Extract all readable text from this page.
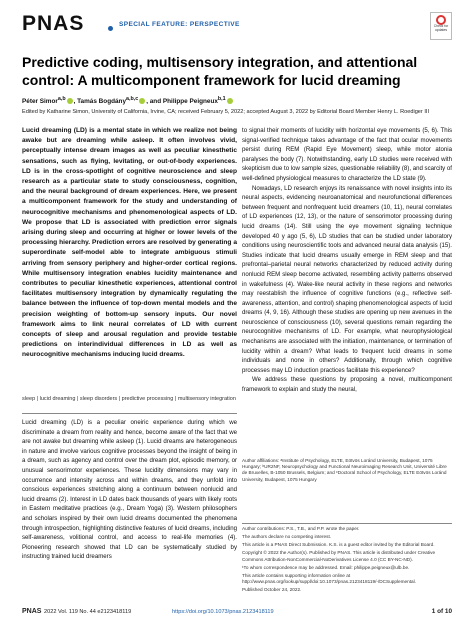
PNAS	SPECIAL FEATURE: PERSPECTIVE	Check for
updates
Predictive coding, multisensory integration, and attentional control: A multicomponent framework for lucid dreaming
Péter Simor$^{a,b}$ , Tamás Bogdány$^{a,b,c}$ , and Philippe Peigneux$^{b,1}$
Edited by Katharine Simon, University of California, Irvine, CA; received February 5, 2022; accepted August 3, 2022 by Editorial Board Member Henry L. Roediger III
Lucid dreaming (LD) is a mental state in which we realize not being awake but are dreaming while asleep. It often involves vivid, perceptually intense dream images as well as peculiar kinesthetic sensations, such as flying, levitating, or out-of-body experiences. LD is in the cross-spotlight of cognitive neuroscience and sleep research as a particular state to study consciousness, cognition, and the neural background of dream experiences. Here, we present a multicomponent framework for the study and understanding of neurocognitive mechanisms and phenomenological aspects of LD. We propose that LD is associated with prediction error signals arising during sleep and occurring at higher or lower levels of the processing hierarchy. Prediction errors are resolved by generating a superordinate self-model able to integrate ambiguous stimuli arriving from sensory periphery and higher-order cortical regions. While multisensory integration enables lucidity maintenance and contributes to peculiar kinesthetic experiences, attentional control facilitates multisensory integration by dynamically regulating the balance between the influence of top-down mental models and the precision weighting of bottom-up sensory inputs. Our novel framework aims to link neural correlates of LD with current concepts of sleep and arousal regulation and provide testable predictions on interindividual differences in LD as well as neurocognitive mechanisms inducing lucid dreams.
sleep | lucid dreaming | sleep disorders | predictive processing | multisensory integration
Lucid dreaming (LD) is a peculiar oneiric experience during which we discriminate a dream from reality and hence, become aware of the fact that we are not awake but dreaming while asleep (1). Lucid dreams are heterogeneous in nature and involve various cognitive processes beyond the insight of being in a dream, such as agency and control over the dream plot, episodic memory, or unusual sensorimotor experiences. These lucidity dimensions may vary in occurrence and intensity across and within dreams, and they unfold into conscious experiences stretching along a continuum between nonlucid and lucid dreams (2). Interest in LD dates back thousands of years with likely roots in Eastern meditative practices (e.g., Dream Yoga) (3). Western philosophers and scholars inspired by their own lucid dreams documented the phenomena through introspection, highlighting distinctive features of lucid dreams, including self-awareness, volitional control, and access to real-life memories (4). Pioneering research showed that LD can be systematically studied by instructing trained lucid dreamers

to signal their moments of lucidity with horizontal eye movements (5, 6). This signal-verified technique takes advantage of the fact that ocular movements persist during REM (Rapid Eye Movement) sleep, while motor atonia paralyses the body (7). Notwithstanding, early LD studies were received with skepticism due to low sample sizes, questionable reliability (8), and scarcity of well-defined physiological measures to characterize the LD state (9).

Nowadays, LD research enjoys its renaissance with novel insights into its neural aspects, evidencing neuroanatomical and neurofunctional differences between frequent and nonfrequent lucid dreamers (10, 11), neural correlates of LD experiences (12, 13), or the nature of sensorimotor processing during lucid dreams (14). Still using the eye movement signaling technique developed 40 y ago (5, 6), LD studies that can be studied under laboratory conditions using neuroscientific tools and advanced neural data analysis (15). Studies indicate that lucid dreams usually emerge in REM sleep and that prefrontal–parietal neural networks characterized by reduced activity during nonlucid REM sleep become activated, resembling activity patterns observed in wakefulness (4). Wake-like neural activity in these regions and networks may reestablish the influence of cognitive functions (e.g., reflective self-awareness, attention, and control) shaping phenomenological aspects of lucid dreams (4, 9, 16). Although these studies are opening up new avenues in the neuroscience of consciousness (10), several questions remain regarding the neurocognitive mechanisms of LD. For example, what neurophysiological mechanisms are associated with the initiation, maintenance, or termination of lucidity within a dream? What leads to frequent lucid dreams in some individuals and none in others? Additionally, through which cognitive processes may LD induction practices facilitate this experience?

We address these questions by proposing a novel, multicomponent framework to explain and study the neural,

Author affiliations: ᵃInstitute of Psychology, ELTE, Eötvös Loránd University, Budapest, 1075 Hungary; ᵇUR2NF, Neuropsychology and Functional Neuroimaging Research Unit, Université Libre de Bruxelles, B-1050 Brussels, Belgium; and ᶜDoctoral School of Psychology, ELTE Eötvös Loránd University, Budapest, 1075 Hungary
Author contributions: P.S., T.B., and P.P. wrote the paper.
The authors declare no competing interest.
This article is a PNAS Direct Submission. K.S. is a guest editor invited by the Editorial Board.
Copyright © 2022 the Author(s). Published by PNAS. This article is distributed under Creative Commons Attribution-NonCommercial-NoDerivatives License 4.0 (CC BY-NC-ND).
¹To whom correspondence may be addressed. Email: philippe.peigneux@ulb.be.
This article contains supporting information online at http://www.pnas.org/lookup/suppl/doi:10.1073/pnas.2123418119/-/DCSupplemental.
Published October 24, 2022.
PNAS 2022 Vol. 119 No. 44 e2123418119	https://doi.org/10.1073/pnas.2123418119	1 of 10
